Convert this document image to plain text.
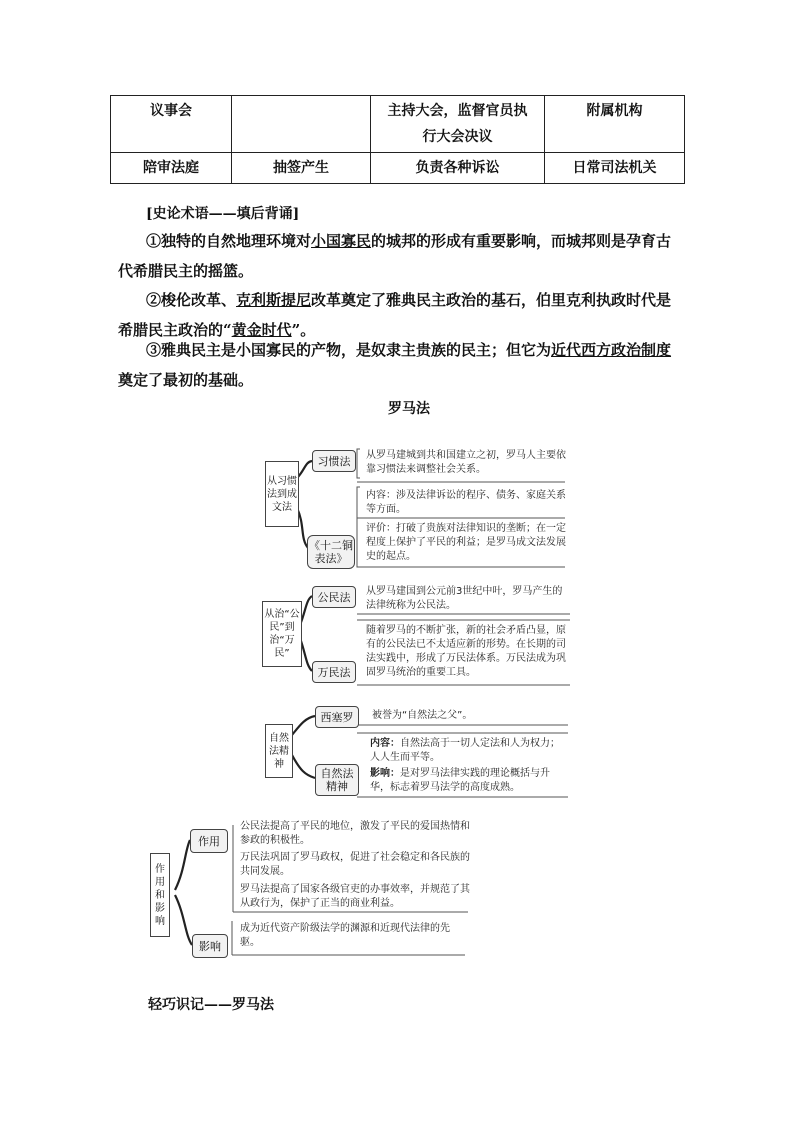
议事会		主持大会，监督官员执行大会决议	附属机构
陪审法庭	抽签产生	负责各种诉讼	日常司法机关
[史论术语——填后背诵]
①独特的自然地理环境对小国寡民的城邦的形成有重要影响，而城邦则是孕育古代希腊民主的摇篮。
②梭伦改革、克利斯提尼改革奠定了雅典民主政治的基石，伯里克利执政时代是希腊民主政治的“黄金时代”。
③雅典民主是小国寡民的产物，是奴隶主贵族的民主；但它为近代西方政治制度奠定了最初的基础。
罗马法
从习惯法到成文法
习惯法
《十二铜表法》
从罗马建城到共和国建立之初，罗马人主要依靠习惯法来调整社会关系。
内容：涉及法律诉讼的程序、债务、家庭关系等方面。
评价：打破了贵族对法律知识的垄断；在一定程度上保护了平民的利益；是罗马成文法发展史的起点。
从治“公民”到治“万民”
公民法
万民法
从罗马建国到公元前3世纪中叶，罗马产生的法律统称为公民法。
随着罗马的不断扩张，新的社会矛盾凸显，原有的公民法已不太适应新的形势。在长期的司法实践中，形成了万民法体系。万民法成为巩固罗马统治的重要工具。
自然法精神
西塞罗
自然法精神
被誉为“自然法之父”。
内容：自然法高于一切人定法和人为权力；人人生而平等。
影响：是对罗马法律实践的理论概括与升华，标志着罗马法学的高度成熟。
作用和影响
作用
影响
公民法提高了平民的地位，激发了平民的爱国热情和参政的积极性。
万民法巩固了罗马政权，促进了社会稳定和各民族的共同发展。
罗马法提高了国家各级官吏的办事效率，并规范了其从政行为，保护了正当的商业利益。
成为近代资产阶级法学的渊源和近现代法律的先驱。
轻巧识记——罗马法
